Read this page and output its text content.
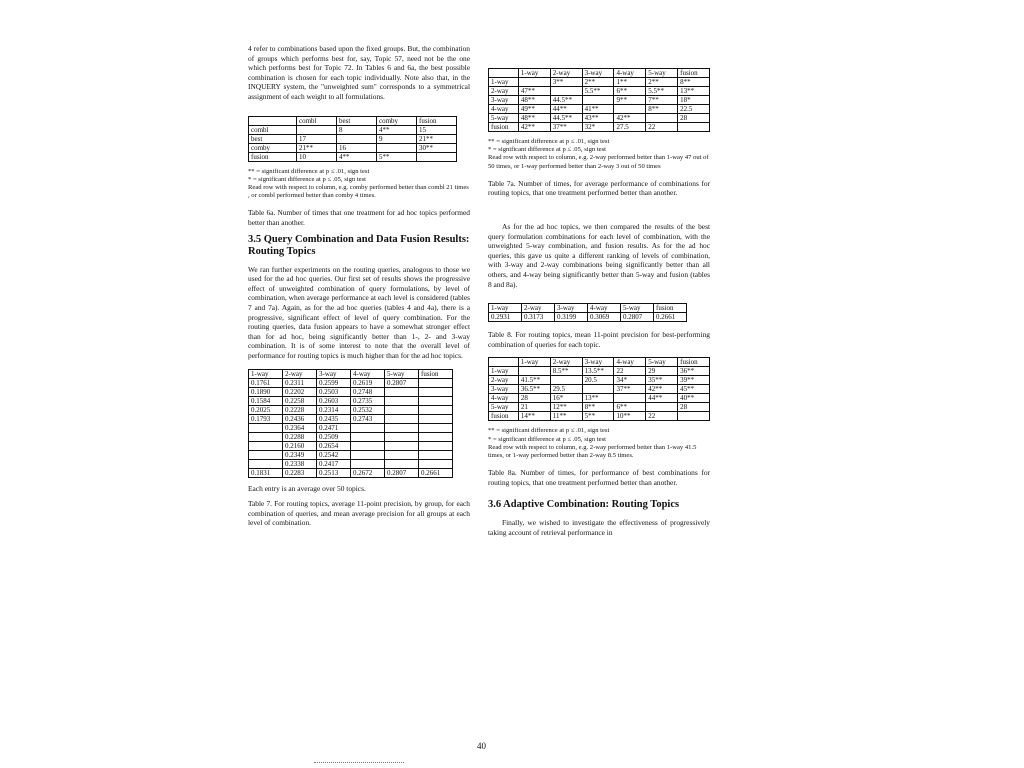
4 refer to combinations based upon the fixed groups. But, the combination of groups which performs best for, say, Topic 57, need not be the one which performs best for Topic 72. In Tables 6 and 6a, the best possible combination is chosen for each topic individually. Note also that, in the INQUERY system, the "unweighted sum" corresponds to a symmetrical assignment of each weight to all formulations.

	combl	best	comby	fusion
combl		8	4**	15
best	17		9	21**
comby	21**	16		30**
fusion	10	4**	5**	
** = significant difference at p ≤ .01, sign test
* = significant difference at p ≤ .05, sign test
Read row with respect to column, e.g. comby performed better than combl 21 times , or combl performed better than comby 4 times.

Table 6a. Number of times that one treatment for ad hoc topics performed better than another.

3.5 Query Combination and Data Fusion Results: Routing Topics

We ran further experiments on the routing queries, analogous to those we used for the ad hoc queries. Our first set of results shows the progressive effect of unweighted combination of query formulations, by level of combination, when average performance at each level is considered (tables 7 and 7a). Again, as for the ad hoc queries (tables 4 and 4a), there is a progressive, significant effect of level of query combination. For the routing queries, data fusion appears to have a somewhat stronger effect than for ad hoc, being significantly better than 1-, 2- and 3-way combination. It is of some interest to note that the overall level of performance for routing topics is much higher than for the ad hoc topics.

1-way	2-way	3-way	4-way	5-way	fusion
0.1761	0.2311	0.2599	0.2619	0.2807	
0.1890	0.2202	0.2503	0.2748		
0.1584	0.2258	0.2603	0.2735		
0.2025	0.2228	0.2314	0.2532		
0.1793	0.2436	0.2435	0.2743		
	0.2364	0.2471			
	0.2288	0.2509			
	0.2160	0.2654			
	0.2349	0.2542			
	0.2338	0.2417			
0.1831	0.2283	0.2513	0.2672	0.2807	0.2661

Each entry is an average over 50 topics.

Table 7. For routing topics, average 11-point precision, by group, for each combination of queries, and mean average precision for all groups at each level of combination.

	1-way	2-way	3-way	4-way	5-way	fusion
1-way		3**	2**	1**	2**	8**
2-way	47**		5.5**	6**	5.5**	13**
3-way	48**	44.5**		9**	7**	18*
4-way	49**	44**	41**		8**	22.5
5-way	48**	44.5**	43**	42**		28
fusion	42**	37**	32*	27.5	22	
** = significant difference at p ≤ .01, sign test
* = significant difference at p ≤ .05, sign test
Read row with respect to column, e.g. 2-way performed better than 1-way 47 out of 50 times, or 1-way performed better than 2-way 3 out of 50 times

Table 7a. Number of times, for average performance of combinations for routing topics, that one treatment performed better than another.

As for the ad hoc topics, we then compared the results of the best query formulation combinations for each level of combination, with the unweighted 5-way combination, and fusion results. As for the ad hoc queries, this gave us quite a different ranking of levels of combination, with 3-way and 2-way combinations being significantly better than all others, and 4-way being significantly better than 5-way and fusion (tables 8 and 8a).

1-way	2-way	3-way	4-way	5-way	fusion
0.2931	0.3173	0.3199	0.3069	0.2807	0.2661

Table 8. For routing topics, mean 11-point precision for best-performing combination of queries for each topic.

	1-way	2-way	3-way	4-way	5-way	fusion
1-way		8.5**	13.5**	22	29	36**
2-way	41.5**		20.5	34*	35**	39**
3-way	36.5**	29.5		37**	42**	45**
4-way	28	16*	13**		44**	40**
5-way	21	12**	8**	6**		28
fusion	14**	11**	5**	10**	22	
** = significant difference at p ≤ .01, sign test
* = significant difference at p ≤ .05, sign test
Read row with respect to column, e.g. 2-way performed better than 1-way 41.5 times, or 1-way performed better than 2-way 8.5 times.

Table 8a. Number of times, for performance of best combinations for routing topics, that one treatment performed better than another.

3.6 Adaptive Combination: Routing Topics

Finally, we wished to investigate the effectiveness of progressively taking account of retrieval performance in

40
